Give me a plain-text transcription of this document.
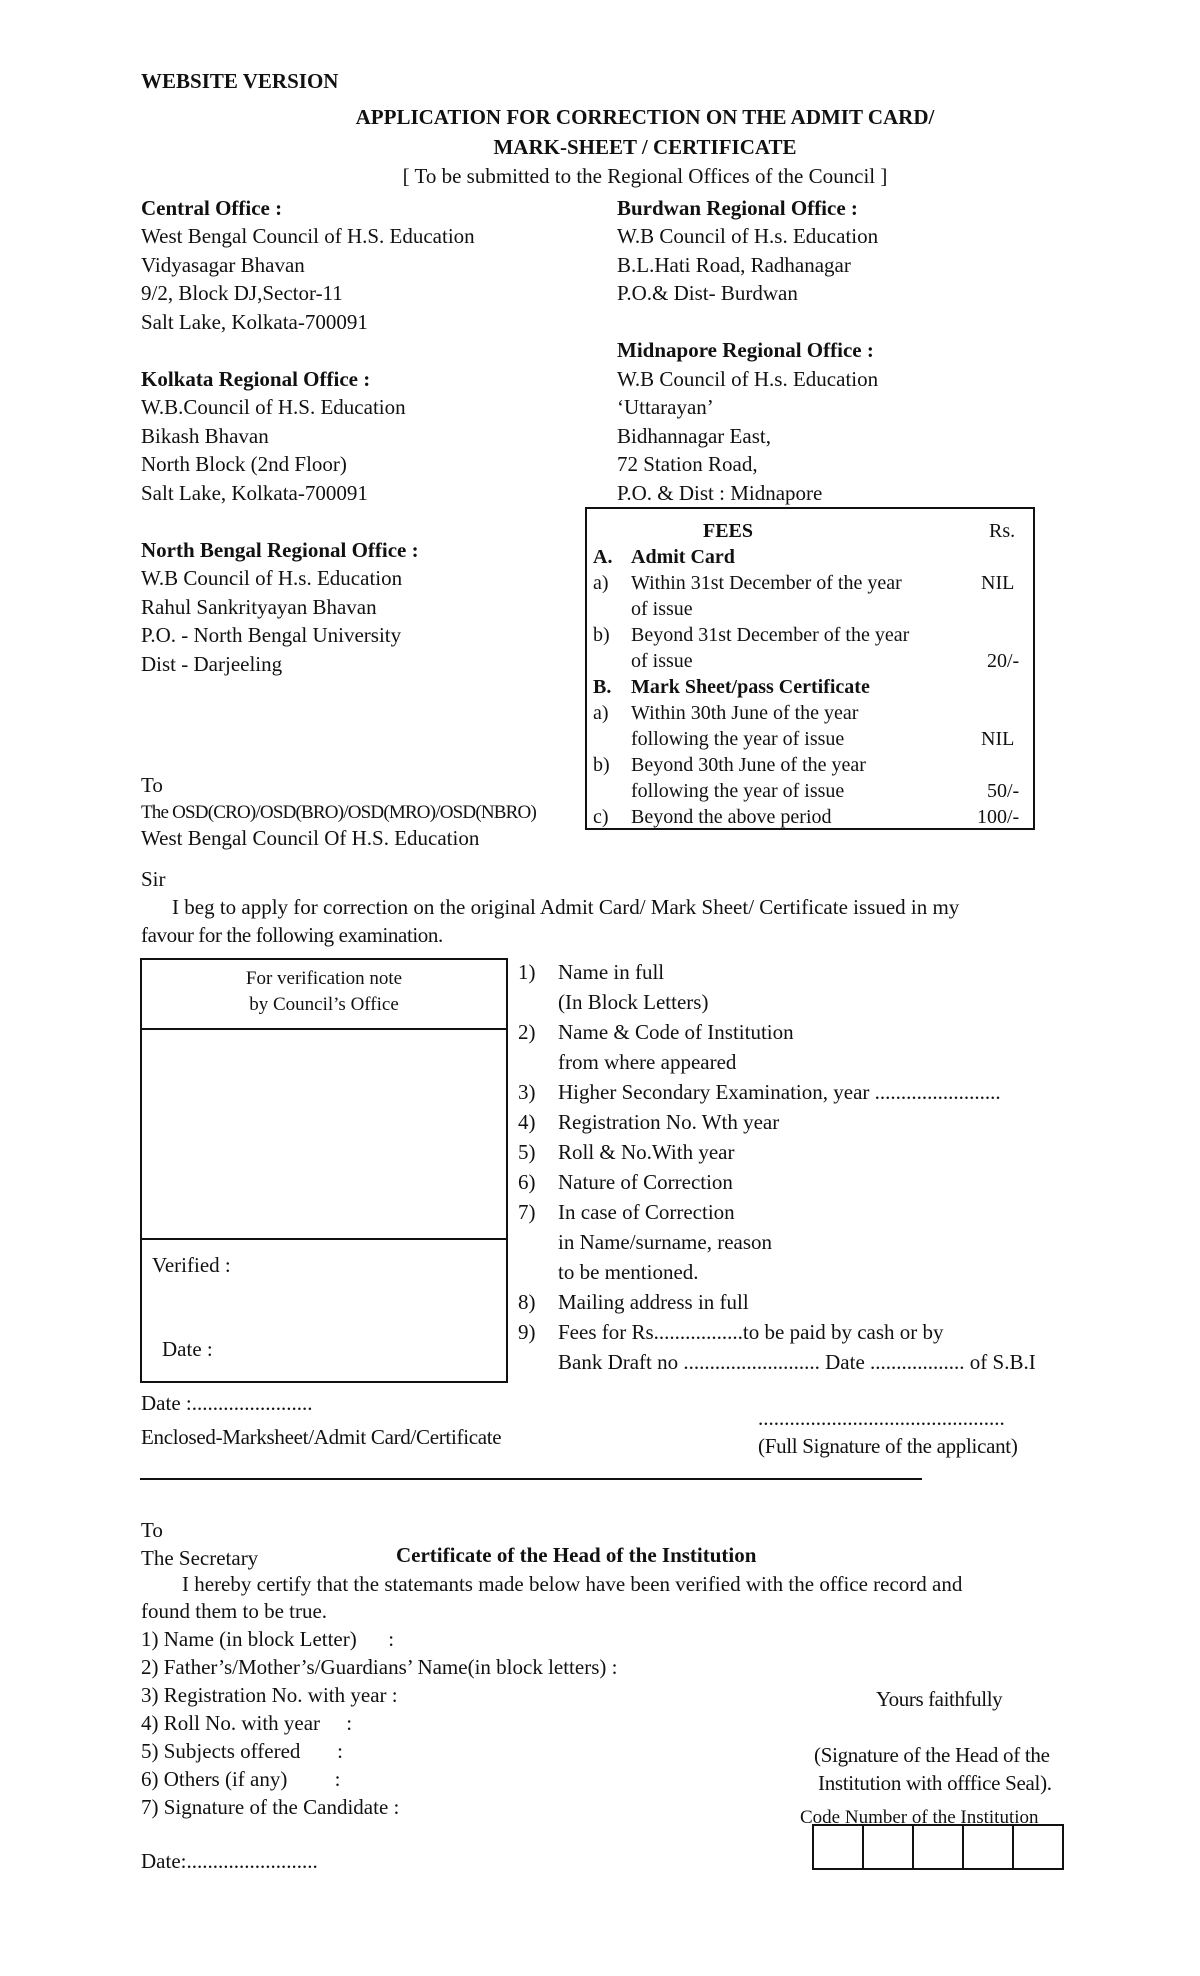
WEBSITE VERSION
APPLICATION FOR CORRECTION ON THE ADMIT CARD/
MARK-SHEET / CERTIFICATE
[ To be submitted to the Regional Offices of the Council ]
Central Office :
West Bengal Council of H.S. Education
Vidyasagar Bhavan
9/2, Block DJ,Sector-11
Salt Lake, Kolkata-700091
Kolkata Regional Office :
W.B.Council of H.S. Education
Bikash Bhavan
North Block (2nd Floor)
Salt Lake, Kolkata-700091
North Bengal Regional Office :
W.B Council of H.s. Education
Rahul Sankrityayan Bhavan
P.O. - North Bengal University
Dist - Darjeeling
Burdwan Regional Office :
W.B Council of H.s. Education
B.L.Hati Road, Radhanagar
P.O.& Dist- Burdwan
Midnapore Regional Office :
W.B Council of H.s. Education
‘Uttarayan’
Bidhannagar East,
72 Station Road,
P.O. & Dist : Midnapore
FEES	Rs.
A. Admit Card
a) Within 31st December of the year	NIL
of issue
b) Beyond 31st December of the year
of issue	20/-
B. Mark Sheet/pass Certificate
a) Within 30th June of the year
following the year of issue	NIL
b) Beyond 30th June of the year
following the year of issue	50/-
c) Beyond the above period	100/-
To
The OSD(CRO)/OSD(BRO)/OSD(MRO)/OSD(NBRO)
West Bengal Council Of H.S. Education
Sir
I beg to apply for correction on the original Admit Card/ Mark Sheet/ Certificate issued in my
favour for the following examination.
For verification note
by Council’s Office
Verified :
Date :
1) Name in full
(In Block Letters)
2) Name & Code of Institution
from where appeared
3) Higher Secondary Examination, year ........................
4) Registration No. Wth year
5) Roll & No.With year
6) Nature of Correction
7) In case of Correction
in Name/surname, reason
to be mentioned.
8) Mailing address in full
9) Fees for Rs.................to be paid by cash or by
Bank Draft no .......................... Date .................. of S.B.I
Date :.......................
Enclosed-Marksheet/Admit Card/Certificate
...............................................
(Full Signature of the applicant)
To
The Secretary	Certificate of the Head of the Institution
I hereby certify that the statemants made below have been verified with the office record and
found them to be true.
1) Name (in block Letter)      :
2) Father’s/Mother’s/Guardians’ Name(in block letters) :
3) Registration No. with year :
4) Roll No. with year     :
5) Subjects offered       :
6) Others (if any)         :
7) Signature of the Candidate :
Date:.........................
Yours faithfully
(Signature of the Head of the
Institution with offfice Seal).
Code Number of the Institution
